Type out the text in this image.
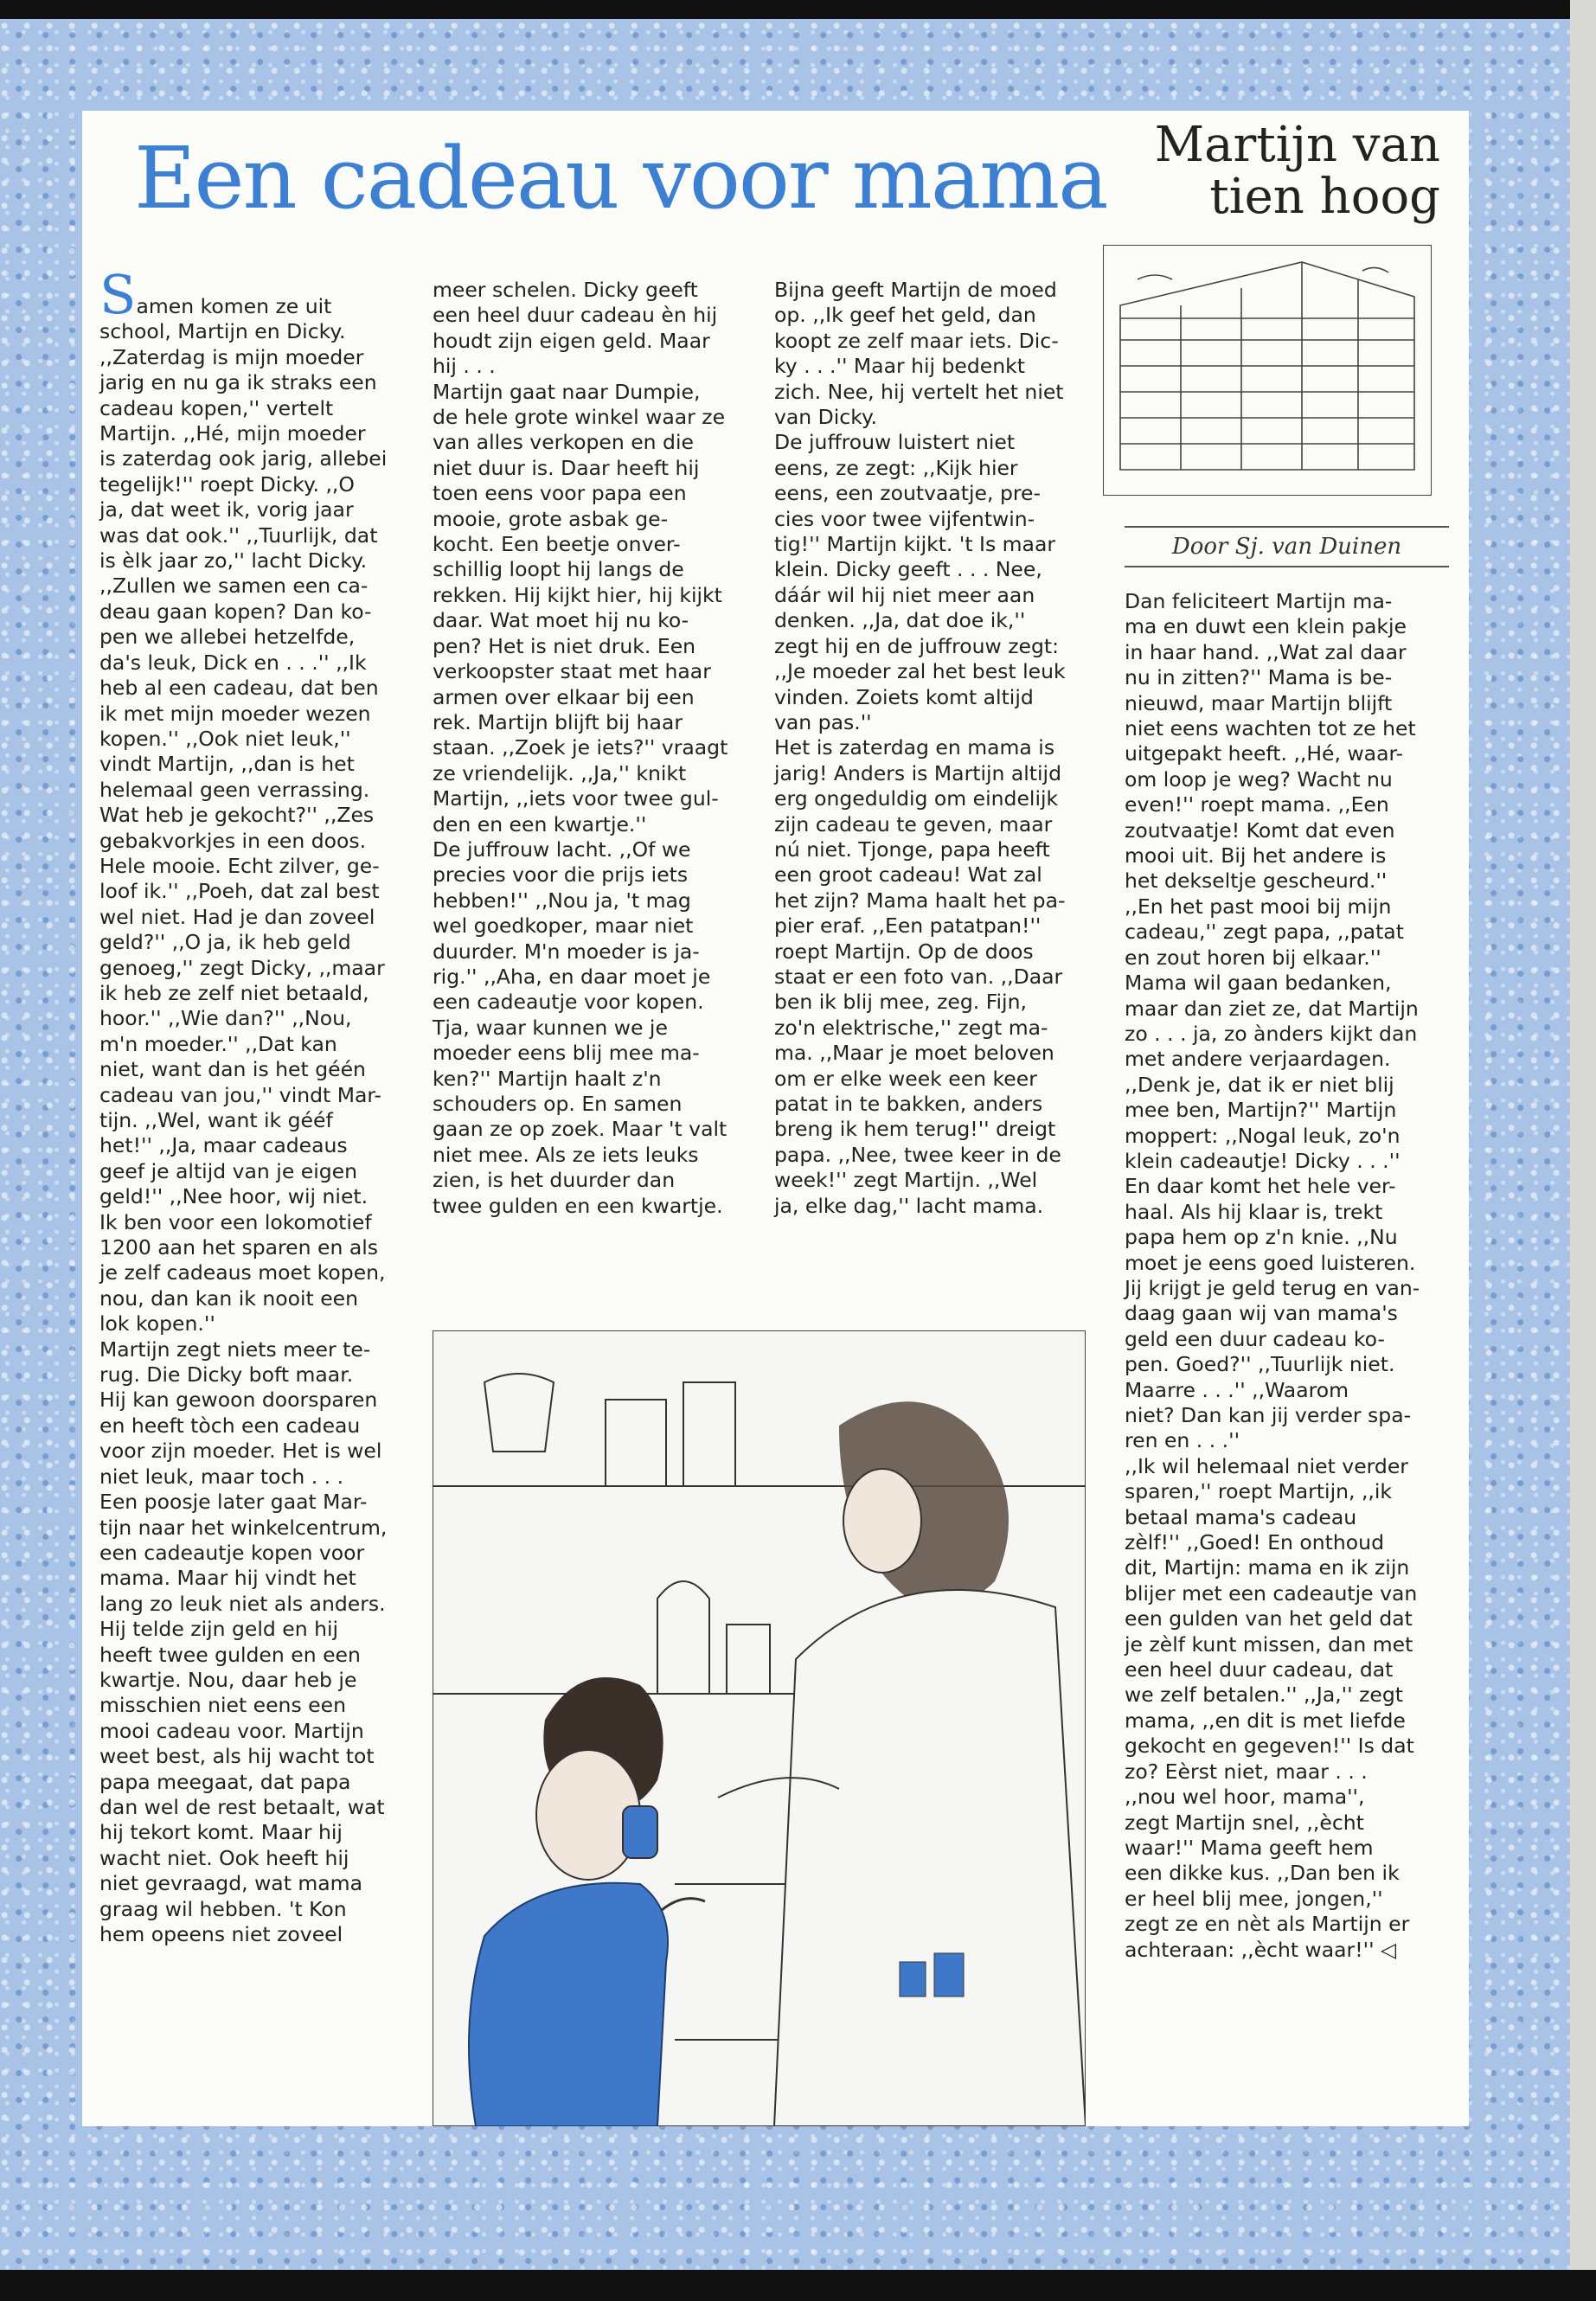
Een cadeau voor mama Martijn van tien hoog
Samen komen ze uit
school, Martijn en Dicky.
,,Zaterdag is mijn moeder
jarig en nu ga ik straks een
cadeau kopen,'' vertelt
Martijn. ,,Hé, mijn moeder
is zaterdag ook jarig, allebei
tegelijk!'' roept Dicky. ,,O
ja, dat weet ik, vorig jaar
was dat ook.'' ,,Tuurlijk, dat
is èlk jaar zo,'' lacht Dicky.
,,Zullen we samen een ca-
deau gaan kopen? Dan ko-
pen we allebei hetzelfde,
da's leuk, Dick en . . .'' ,,Ik
heb al een cadeau, dat ben
ik met mijn moeder wezen
kopen.'' ,,Ook niet leuk,''
vindt Martijn, ,,dan is het
helemaal geen verrassing.
Wat heb je gekocht?'' ,,Zes
gebakvorkjes in een doos.
Hele mooie. Echt zilver, ge-
loof ik.'' ,,Poeh, dat zal best
wel niet. Had je dan zoveel
geld?'' ,,O ja, ik heb geld
genoeg,'' zegt Dicky, ,,maar
ik heb ze zelf niet betaald,
hoor.'' ,,Wie dan?'' ,,Nou,
m'n moeder.'' ,,Dat kan
niet, want dan is het géén
cadeau van jou,'' vindt Mar-
tijn. ,,Wel, want ik gééf
het!'' ,,Ja, maar cadeaus
geef je altijd van je eigen
geld!'' ,,Nee hoor, wij niet.
Ik ben voor een lokomotief
1200 aan het sparen en als
je zelf cadeaus moet kopen,
nou, dan kan ik nooit een
lok kopen.''
Martijn zegt niets meer te-
rug. Die Dicky boft maar.
Hij kan gewoon doorsparen
en heeft tòch een cadeau
voor zijn moeder. Het is wel
niet leuk, maar toch . . .
Een poosje later gaat Mar-
tijn naar het winkelcentrum,
een cadeautje kopen voor
mama. Maar hij vindt het
lang zo leuk niet als anders.
Hij telde zijn geld en hij
heeft twee gulden en een
kwartje. Nou, daar heb je
misschien niet eens een
mooi cadeau voor. Martijn
weet best, als hij wacht tot
papa meegaat, dat papa
dan wel de rest betaalt, wat
hij tekort komt. Maar hij
wacht niet. Ook heeft hij
niet gevraagd, wat mama
graag wil hebben. 't Kon
hem opeens niet zoveel
meer schelen. Dicky geeft
een heel duur cadeau èn hij
houdt zijn eigen geld. Maar
hij . . .
Martijn gaat naar Dumpie,
de hele grote winkel waar ze
van alles verkopen en die
niet duur is. Daar heeft hij
toen eens voor papa een
mooie, grote asbak ge-
kocht. Een beetje onver-
schillig loopt hij langs de
rekken. Hij kijkt hier, hij kijkt
daar. Wat moet hij nu ko-
pen? Het is niet druk. Een
verkoopster staat met haar
armen over elkaar bij een
rek. Martijn blijft bij haar
staan. ,,Zoek je iets?'' vraagt
ze vriendelijk. ,,Ja,'' knikt
Martijn, ,,iets voor twee gul-
den en een kwartje.''
De juffrouw lacht. ,,Of we
precies voor die prijs iets
hebben!'' ,,Nou ja, 't mag
wel goedkoper, maar niet
duurder. M'n moeder is ja-
rig.'' ,,Aha, en daar moet je
een cadeautje voor kopen.
Tja, waar kunnen we je
moeder eens blij mee ma-
ken?'' Martijn haalt z'n
schouders op. En samen
gaan ze op zoek. Maar 't valt
niet mee. Als ze iets leuks
zien, is het duurder dan
twee gulden en een kwartje.
Bijna geeft Martijn de moed
op. ,,Ik geef het geld, dan
koopt ze zelf maar iets. Dic-
ky . . .'' Maar hij bedenkt
zich. Nee, hij vertelt het niet
van Dicky.
De juffrouw luistert niet
eens, ze zegt: ,,Kijk hier
eens, een zoutvaatje, pre-
cies voor twee vijfentwin-
tig!'' Martijn kijkt. 't Is maar
klein. Dicky geeft . . . Nee,
dáár wil hij niet meer aan
denken. ,,Ja, dat doe ik,''
zegt hij en de juffrouw zegt:
,,Je moeder zal het best leuk
vinden. Zoiets komt altijd
van pas.''
Het is zaterdag en mama is
jarig! Anders is Martijn altijd
erg ongeduldig om eindelijk
zijn cadeau te geven, maar
nú niet. Tjonge, papa heeft
een groot cadeau! Wat zal
het zijn? Mama haalt het pa-
pier eraf. ,,Een patatpan!''
roept Martijn. Op de doos
staat er een foto van. ,,Daar
ben ik blij mee, zeg. Fijn,
zo'n elektrische,'' zegt ma-
ma. ,,Maar je moet beloven
om er elke week een keer
patat in te bakken, anders
breng ik hem terug!'' dreigt
papa. ,,Nee, twee keer in de
week!'' zegt Martijn. ,,Wel
ja, elke dag,'' lacht mama.
Door Sj. van Duinen
Dan feliciteert Martijn ma-
ma en duwt een klein pakje
in haar hand. ,,Wat zal daar
nu in zitten?'' Mama is be-
nieuwd, maar Martijn blijft
niet eens wachten tot ze het
uitgepakt heeft. ,,Hé, waar-
om loop je weg? Wacht nu
even!'' roept mama. ,,Een
zoutvaatje! Komt dat even
mooi uit. Bij het andere is
het dekseltje gescheurd.''
,,En het past mooi bij mijn
cadeau,'' zegt papa, ,,patat
en zout horen bij elkaar.''
Mama wil gaan bedanken,
maar dan ziet ze, dat Martijn
zo . . . ja, zo ànders kijkt dan
met andere verjaardagen.
,,Denk je, dat ik er niet blij
mee ben, Martijn?'' Martijn
moppert: ,,Nogal leuk, zo'n
klein cadeautje! Dicky . . .''
En daar komt het hele ver-
haal. Als hij klaar is, trekt
papa hem op z'n knie. ,,Nu
moet je eens goed luisteren.
Jij krijgt je geld terug en van-
daag gaan wij van mama's
geld een duur cadeau ko-
pen. Goed?'' ,,Tuurlijk niet.
Maarre . . .'' ,,Waarom
niet? Dan kan jij verder spa-
ren en . . .''
,,Ik wil helemaal niet verder
sparen,'' roept Martijn, ,,ik
betaal mama's cadeau
zèlf!'' ,,Goed! En onthoud
dit, Martijn: mama en ik zijn
blijer met een cadeautje van
een gulden van het geld dat
je zèlf kunt missen, dan met
een heel duur cadeau, dat
we zelf betalen.'' ,,Ja,'' zegt
mama, ,,en dit is met liefde
gekocht en gegeven!'' Is dat
zo? Eèrst niet, maar . . .
,,nou wel hoor, mama'',
zegt Martijn snel, ,,ècht
waar!'' Mama geeft hem
een dikke kus. ,,Dan ben ik
er heel blij mee, jongen,''
zegt ze en nèt als Martijn er
achteraan: ,,ècht waar!'' ◁
